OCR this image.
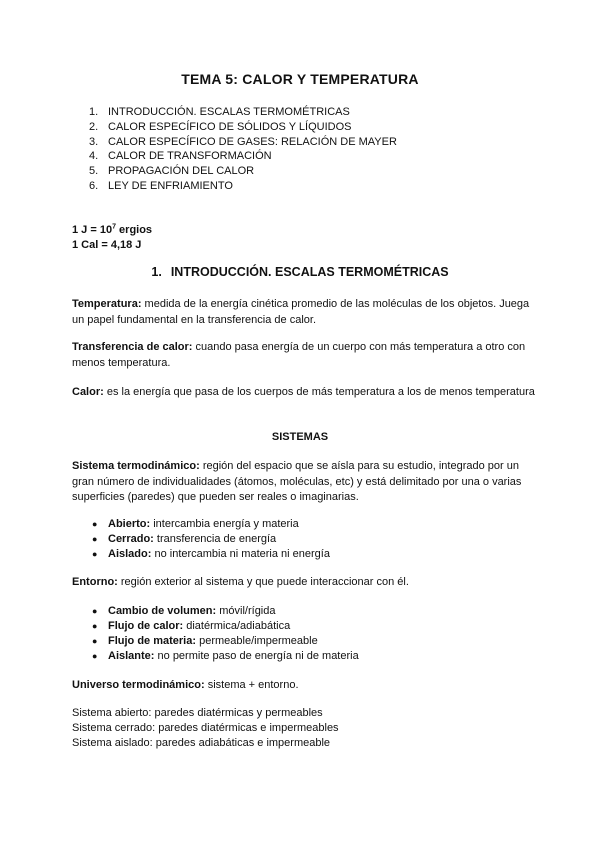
TEMA 5: CALOR Y TEMPERATURA
1. INTRODUCCIÓN. ESCALAS TERMOMÉTRICAS
2. CALOR ESPECÍFICO DE SÓLIDOS Y LÍQUIDOS
3. CALOR ESPECÍFICO DE GASES: RELACIÓN DE MAYER
4. CALOR DE TRANSFORMACIÓN
5. PROPAGACIÓN DEL CALOR
6. LEY DE ENFRIAMIENTO
1 $J = 10^7$ ergios
1 Cal = 4,18 J
1. INTRODUCCIÓN. ESCALAS TERMOMÉTRICAS

Temperatura: medida de la energía cinética promedio de las moléculas de los objetos. Juega un papel fundamental en la transferencia de calor.

Transferencia de calor: cuando pasa energía de un cuerpo con más temperatura a otro con menos temperatura.

Calor: es la energía que pasa de los cuerpos de más temperatura a los de menos temperatura

SISTEMAS

Sistema termodinámico: región del espacio que se aísla para su estudio, integrado por un gran número de individualidades (átomos, moléculas, etc) y está delimitado por una o varias superficies (paredes) que pueden ser reales o imaginarias.

● Abierto: intercambia energía y materia
● Cerrado: transferencia de energía
● Aislado: no intercambia ni materia ni energía

Entorno: región exterior al sistema y que puede interaccionar con él.

● Cambio de volumen: móvil/rígida
● Flujo de calor: diatérmica/adiabática
● Flujo de materia: permeable/impermeable
● Aislante: no permite paso de energía ni de materia

Universo termodinámico: sistema + entorno.

Sistema abierto: paredes diatérmicas y permeables
Sistema cerrado: paredes diatérmicas e impermeables
Sistema aislado: paredes adiabáticas e impermeable
